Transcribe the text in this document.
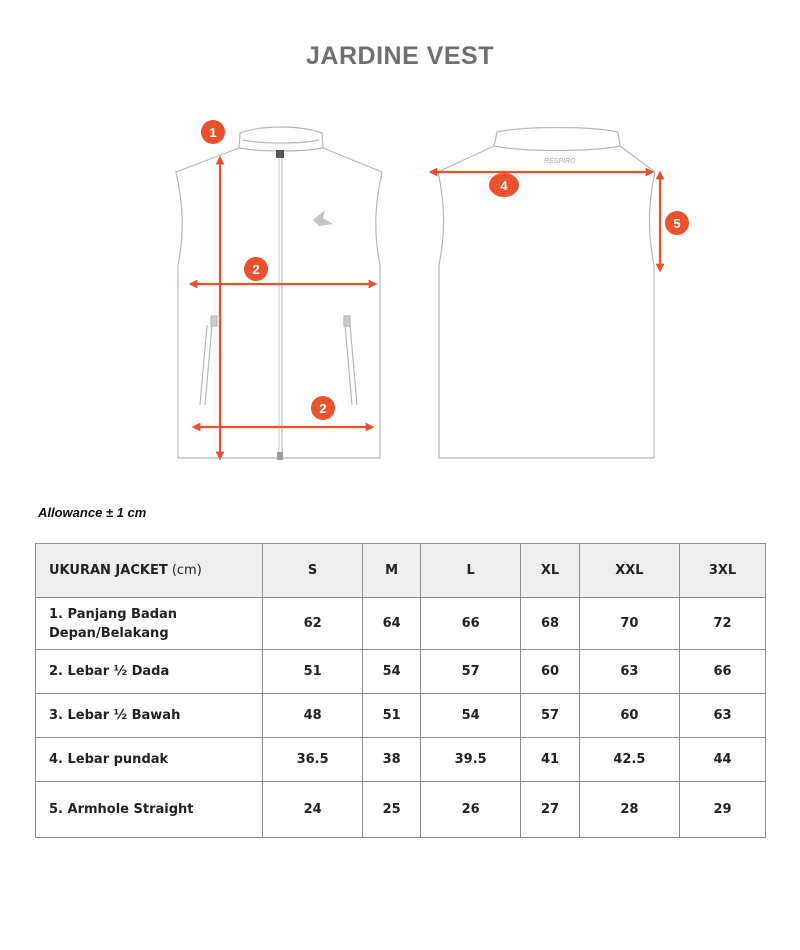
JARDINE VEST
RESPIRO
1
2
2
4
5
Allowance ± 1 cm
UKURAN JACKET (cm)	S	M	L	XL	XXL	3XL
1. Panjang Badan
Depan/Belakang	62	64	66	68	70	72
2. Lebar ½ Dada	51	54	57	60	63	66
3. Lebar ½ Bawah	48	51	54	57	60	63
4. Lebar pundak	36.5	38	39.5	41	42.5	44
5. Armhole Straight	24	25	26	27	28	29
